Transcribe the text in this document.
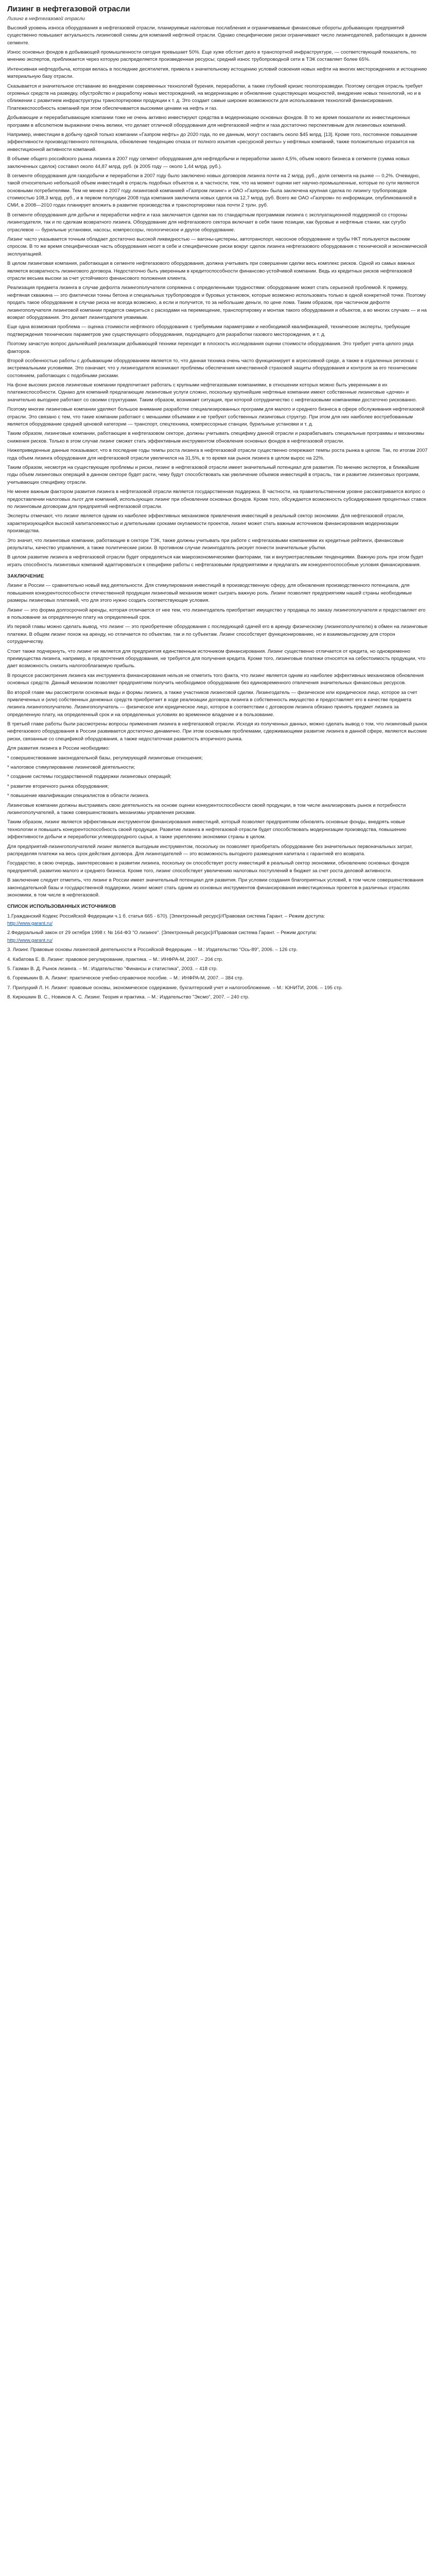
Лизинг в нефтегазовой отрасли
Лизинг в нефтегазовой отрасли
Высокий уровень износа оборудования в нефтегазовой отрасли, планируемые налоговые послабления и ограничиваемые финансовые обороты добывающих предприятий существенно повышают актуальность лизинговой схемы для компаний нефтяной отрасли. Однако специфические риски ограничивают число лизингодателей, работающих в данном сегменте.
Износ основных фондов в добывающей промышленности сегодня превышает 50%. Еще хуже обстоит дело в транспортной инфраструктуре, — соответствующий показатель, по мнению экспертов, приближается через которую распределяется произведенная ресурсы; средний износ трубопроводной сети в ТЭК составляет более 65%.
Интенсивная нефтедобыча, которая велась в последние десятилетия, привела к значительному истощению условий освоения новых нефти на многих месторождениях и истощению материальную базу отрасли.
Сказывается и значительное отставание во внедрении современных технологий бурения, переработки, а также глубокий кризис геологоразведки. Поэтому сегодня отрасль требует огромных средств на разведку, обустройство и разработку новых месторождений, на модернизацию и обновление существующих мощностей, внедрение новых технологий, но и в сближении с развитием инфраструктуры транспортировки продукции к т. д. Это создает самые широкие возможности для использования технологий финансирования. Платежеспособность компаний при этом обеспечивается высокими ценами на нефть и газ.
Добывающие и перерабатывающие компании тоже не очень активно инвестируют средства в модернизацию основных фондов. В то же время показатели их инвестиционных программ в абсолютном выражении очень велики, что делает отличной оборудования для нефтегазовой нефти и газа достаточно перспективным для лизинговых компаний.
Например, инвестиции в добычу одной только компании «Газпром нефть» до 2020 года, по ее данным, могут составить около $45 млрд. [13]. Кроме того, постоянное повышение эффективности производственного потенциала, обновление тенденцию отказа от полного изъятия «ресурсной ренты» у нефтяных компаний, также положительно отразится на инвестиционной активности компаний.
В объеме общего российского рынка лизинга в 2007 году сегмент оборудования для нефтедобычи и переработки занял 4,5%, объем нового бизнеса в сегменте (сумма новых заключенных сделок) составил около 44,87 млрд. руб. (в 2005 году — около 1,44 млрд. руб.).
В сегменте оборудования для газодобычи и переработки в 2007 году было заключено новых договоров лизинга почти на 2 млрд. руб., доля сегмента на рынке — 0,2%. Очевидно, такой относительно небольшой объем инвестиций в отрасль подобных объектов и, в частности, тем, что на момент оценки нет научно-промышленные, которые по сути являются основными потребителями. Тем не менее в 2007 году лизинговой компанией «Газпром лизинг» и ОАО «Газпром» была заключена крупная сделка по лизингу трубопроводов стоимостью 108,3 млрд. руб., и в первом полугодии 2008 года компания заключила новых сделок на 12,7 млрд. руб. Всего же ОАО «Газпром» по информации, опубликованной в СМИ, в 2008—2010 годах планирует вложить в развитие производства и транспортировки газа почти 2 трлн. руб.
В сегменте оборудования для добычи и переработки нефти и газа заключается сделки как по стандартным программам лизинга с эксплуатационной поддержкой со стороны лизингодателя, так и по сделкам возвратного лизинга. Оборудование для нефтегазового сектора включает в себя такие позиции, как буровые и нефтяные станки, как сугубо отраслевое — бурильные установки, насосы, компрессоры, геологическое и другое оборудование.
Лизинг часто указывается точным обладает достаточно высокой ликвидностью — вагоны-цистерны, автотранспорт, насосное оборудование и трубы НКТ пользуются высоким спросом. В то же время специфическая часть оборудования несет в себе и специфические риски вокруг сделок лизинга нефтегазового оборудования с технической и экономической эксплуатацией.
В целом лизинговая компания, работающая в сегменте нефтегазового оборудования, должна учитывать при совершении сделки весь комплекс рисков. Одной из самых важных является возвратность лизингового договора. Недостаточно быть уверенным в кредитоспособности финансово-устойчивой компании. Ведь из кредитных рисков нефтегазовой отрасли весьма высоки за счет устойчивого финансового положения клиента.
Реализация предмета лизинга в случае дефолта лизингополучателя сопряжена с определенными трудностями: оборудование может стать серьезной проблемой. К примеру, нефтяная скважина — это фактически тонны бетона и специальных трубопроводов и буровых установок, которые возможно использовать только в одной конкретной точке. Поэтому продать такое оборудование в случае риска не всегда возможно, а если и получится, то за небольшие деньги, по цене лома. Таким образом, при частичном дефолте лизингополучателя лизинговой компании придется смириться с расходами на перемещение, транспортировку и монтаж такого оборудования и объектов, а во многих случаях — и на возврат оборудования. Это делает лизингодателя уязвимым.
Еще одна возможная проблема — оценка стоимости нефтяного оборудования с требуемыми параметрами и необходимой квалификацией, технические эксперты, требующие подтверждения технических параметров уже существующего оборудования, подходящего для разработки газового месторождения, и т. д.
Поэтому зачастую вопрос дальнейшей реализации добывающей техники переходит в плоскость исследования оценки стоимости оборудования. Это требует учета целого ряда факторов.
Второй особенностью работы с добывающим оборудованием является то, что данная техника очень часто функционирует в агрессивной среде, а также в отдаленных регионах с экстремальными условиями. Это означает, что у лизингодателя возникают проблемы обеспечения качественной страховой защиты оборудования и контроля за его техническим состоянием, работающих с подобными рисками.
На фоне высоких рисков лизинговые компании предпочитают работать с крупными нефтегазовыми компаниями, в отношении которых можно быть уверенными в их платежеспособности. Однако для компаний предлагающие лизинговые услуги сложно, поскольку крупнейшие нефтяные компании имеют собственные лизинговые «дочки» и значительно выгоднее работают со своими структурами. Таким образом, возникает ситуация, при которой сотрудничество с нефтегазовыми компаниями достаточно рискованно.
Поэтому многие лизинговые компании уделяют большое внимание разработке специализированных программ для малого и среднего бизнеса в сфере обслуживания нефтегазовой отрасли. Это связано с тем, что такие компании работают с меньшими объемами и не требуют собственных лизинговых структур. При этом для них наиболее востребованным является оборудование средней ценовой категории — транспорт, спецтехника, компрессорные станции, бурильные установки и т. д.
Таким образом, лизинговые компании, работающие в нефтегазовом секторе, должны учитывать специфику данной отрасли и разрабатывать специальные программы и механизмы снижения рисков. Только в этом случае лизинг сможет стать эффективным инструментом обновления основных фондов в нефтегазовой отрасли.
Нижеприведенные данные показывают, что в последние годы темпы роста лизинга в нефтегазовой отрасли существенно опережают темпы роста рынка в целом. Так, по итогам 2007 года объем лизинга оборудования для нефтегазовой отрасли увеличился на 31,5%, в то время как рынок лизинга в целом вырос на 22%.
Таким образом, несмотря на существующие проблемы и риски, лизинг в нефтегазовой отрасли имеет значительный потенциал для развития. По мнению экспертов, в ближайшие годы объем лизинговых операций в данном секторе будет расти, чему будут способствовать как увеличение объемов инвестиций в отрасль, так и развитие лизинговых программ, учитывающих специфику отрасли.
Не менее важным фактором развития лизинга в нефтегазовой отрасли является государственная поддержка. В частности, на правительственном уровне рассматривается вопрос о предоставлении налоговых льгот для компаний, использующих лизинг при обновлении основных фондов. Кроме того, обсуждается возможность субсидирования процентных ставок по лизинговым договорам для предприятий нефтегазовой отрасли.
Эксперты отмечают, что лизинг является одним из наиболее эффективных механизмов привлечения инвестиций в реальный сектор экономики. Для нефтегазовой отрасли, характеризующейся высокой капиталоемкостью и длительными сроками окупаемости проектов, лизинг может стать важным источником финансирования модернизации производства.
Это значит, что лизинговые компании, работающие в секторе ТЭК, также должны учитывать при работе с нефтегазовыми компаниями их кредитные рейтинги, финансовые результаты, качество управления, а также политические риски. В противном случае лизингодатель рискует понести значительные убытки.
В целом развитие лизинга в нефтегазовой отрасли будет определяться как макроэкономическими факторами, так и внутриотраслевыми тенденциями. Важную роль при этом будет играть способность лизинговых компаний адаптироваться к специфике работы с нефтегазовыми предприятиями и предлагать им конкурентоспособные условия финансирования.
ЗАКЛЮЧЕНИЕ
Лизинг в России — сравнительно новый вид деятельности. Для стимулирования инвестиций в производственную сферу, для обновления производственного потенциала, для повышения конкурентоспособности отечественной продукции лизинговый механизм может сыграть важную роль. Лизинг позволяет предприятиям нашей страны необходимые размеры лизинговых платежей, что для этого нужно создать соответствующие условия.
Лизинг — это форма долгосрочной аренды, которая отличается от нее тем, что лизингодатель приобретает имущество у продавца по заказу лизингополучателя и предоставляет его в пользование за определенную плату на определенный срок.
Из первой главы можно сделать вывод, что лизинг — это приобретение оборудования с последующей сдачей его в аренду физическому (лизингополучателю) в обмен на лизинговые платежи. В общем лизинг похож на аренду, но отличается по объектам, так и по субъектам. Лизинг способствует функционированию, но и взаимовыгодному для сторон сотрудничеству.
Стоит также подчеркнуть, что лизинг не является для предприятия единственным источником финансирования. Лизинг существенно отличается от кредита, но одновременно преимущества лизинга, например, в предпочтения оборудования, не требуется для получения кредита. Кроме того, лизинговые платежи относятся на себестоимость продукции, что дает возможность снизить налогооблагаемую прибыль.
В процессе рассмотрения лизинга как инструмента финансирования нельзя не отметить того факта, что лизинг является одним из наиболее эффективных механизмов обновления основных средств. Данный механизм позволяет предприятиям получить необходимое оборудование без единовременного отвлечения значительных финансовых ресурсов.
Во второй главе мы рассмотрели основные виды и формы лизинга, а также участников лизинговой сделки. Лизингодатель — физическое или юридическое лицо, которое за счет привлеченных и (или) собственных денежных средств приобретает в ходе реализации договора лизинга в собственность имущество и предоставляет его в качестве предмета лизинга лизингополучателю. Лизингополучатель — физическое или юридическое лицо, которое в соответствии с договором лизинга обязано принять предмет лизинга за определенную плату, на определенный срок и на определенных условиях во временное владение и в пользование.
В третьей главе работы были рассмотрены вопросы применения лизинга в нефтегазовой отрасли. Исходя из полученных данных, можно сделать вывод о том, что лизинговый рынок нефтегазового оборудования в России развивается достаточно динамично. При этом основными проблемами, сдерживающими развитие лизинга в данной сфере, являются высокие риски, связанные со спецификой оборудования, а также недостаточная развитость вторичного рынка.
Для развития лизинга в России необходимо:
* совершенствование законодательной базы, регулирующей лизинговые отношения;
* налоговое стимулирование лизинговой деятельности;
* создание системы государственной поддержки лизинговых операций;
* развитие вторичного рынка оборудования;
* повышение квалификации специалистов в области лизинга.
Лизинговые компании должны выстраивать свою деятельность на основе оценки конкурентоспособности своей продукции, в том числе анализировать рынок и потребности лизингополучателей, а также совершенствовать механизмы управления рисками.
Таким образом, лизинг является эффективным инструментом финансирования инвестиций, который позволяет предприятиям обновлять основные фонды, внедрять новые технологии и повышать конкурентоспособность своей продукции. Развитие лизинга в нефтегазовой отрасли будет способствовать модернизации производства, повышению эффективности добычи и переработки углеводородного сырья, а также укреплению экономики страны в целом.
Для предприятий-лизингополучателей лизинг является выгодным инструментом, поскольку он позволяет приобретать оборудование без значительных первоначальных затрат, распределяя платежи на весь срок действия договора. Для лизингодателей — это возможность выгодного размещения капитала с гарантией его возврата.
Государство, в свою очередь, заинтересовано в развитии лизинга, поскольку он способствует росту инвестиций в реальный сектор экономики, обновлению основных фондов предприятий, развитию малого и среднего бизнеса. Кроме того, лизинг способствует увеличению налоговых поступлений в бюджет за счет роста деловой активности.
В заключение следует отметить, что лизинг в России имеет значительный потенциал для развития. При условии создания благоприятных условий, в том числе совершенствования законодательной базы и государственной поддержки, лизинг может стать одним из основных инструментов финансирования инвестиционных проектов в различных отраслях экономики, в том числе в нефтегазовой.
СПИСОК ИСПОЛЬЗОВАННЫХ ИСТОЧНИКОВ
1.Гражданский Кодекс Российской Федерации ч.1 б. статья 665 - 670). [Электронный ресурс]//Правовая система Гарант. – Режим доступа:
http://www.garant.ru/
2.Федеральный закон от 29 октября 1998 г. № 164-ФЗ "О лизинге". [Электронный ресурс]//Правовая система Гарант. – Режим доступа:
http://www.garant.ru/
3. Лизинг. Правовые основы лизинговой деятельности в Российской Федерации. – М.: Издательство "Ось-89", 2006. – 126 стр.
4. Кабатова Е. В. Лизинг: правовое регулирование, практика. – М.: ИНФРА-М, 2007. – 204 стр.
5. Газман В. Д. Рынок лизинга. – М.: Издательство "Финансы и статистика", 2003. – 418 стр.
6. Горемыкин В. А. Лизинг: практическое учебно-справочное пособие. – М.: ИНФРА-М, 2007. – 384 стр.
7. Прилуцкий Л. Н. Лизинг: правовые основы, экономическое содержание, бухгалтерский учет и налогообложение. – М.: ЮНИТИ, 2006. – 195 стр.
8. Кирюшкин В. С., Новиков А. С. Лизинг. Теория и практика. – М.: Издательство "Эксмо", 2007. – 240 стр.
